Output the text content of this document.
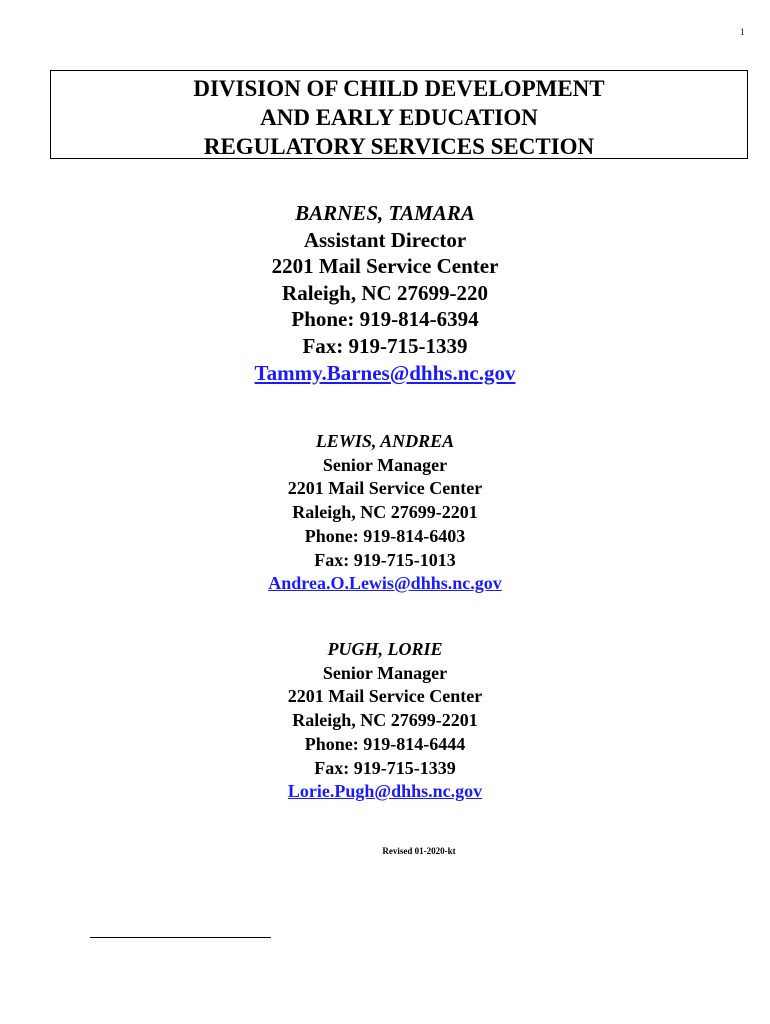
1
DIVISION OF CHILD DEVELOPMENT
AND EARLY EDUCATION
REGULATORY SERVICES SECTION
BARNES, TAMARA
Assistant Director
2201 Mail Service Center
Raleigh, NC 27699-220
Phone: 919-814-6394
Fax: 919-715-1339
Tammy.Barnes@dhhs.nc.gov
LEWIS, ANDREA
Senior Manager
2201 Mail Service Center
Raleigh, NC 27699-2201
Phone: 919-814-6403
Fax: 919-715-1013
Andrea.O.Lewis@dhhs.nc.gov
PUGH, LORIE
Senior Manager
2201 Mail Service Center
Raleigh, NC 27699-2201
Phone: 919-814-6444
Fax: 919-715-1339
Lorie.Pugh@dhhs.nc.gov
Revised 01-2020-kt
